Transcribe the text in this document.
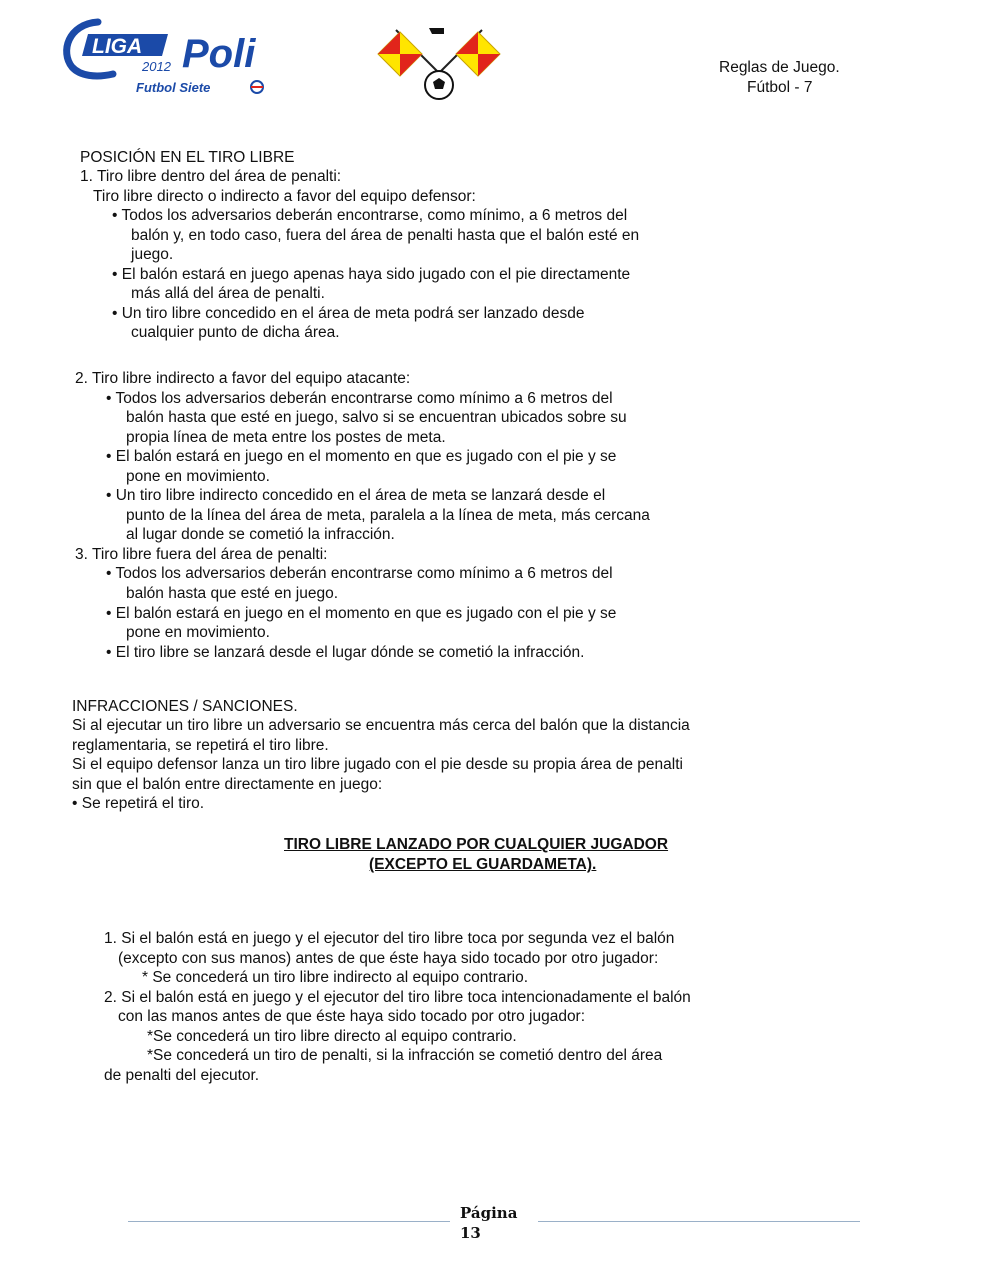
LIGA Poli
2012
Futbol Siete
Reglas de Juego.
Fútbol - 7
POSICIÓN EN EL TIRO LIBRE
1. Tiro libre dentro del área de penalti:
Tiro libre directo o indirecto a favor del equipo defensor:
• Todos los adversarios deberán encontrarse, como mínimo, a 6 metros del
balón y, en todo caso, fuera del área de penalti hasta que el balón esté en
juego.
• El balón estará en juego apenas haya sido jugado con el pie directamente
más allá del área de penalti.
• Un tiro libre concedido en el área de meta podrá ser lanzado desde
cualquier punto de dicha área.
2. Tiro libre indirecto a favor del equipo atacante:
• Todos los adversarios deberán encontrarse como mínimo a 6 metros del
balón hasta que esté en juego, salvo si se encuentran ubicados sobre su
propia línea de meta entre los postes de meta.
• El balón estará en juego en el momento en que es jugado con el pie y se
pone en movimiento.
• Un tiro libre indirecto concedido en el área de meta se lanzará desde el
punto de la línea del área de meta, paralela a la línea de meta, más cercana
al lugar donde se cometió la infracción.
3. Tiro libre fuera del área de penalti:
• Todos los adversarios deberán encontrarse como mínimo a 6 metros del
balón hasta que esté en juego.
• El balón estará en juego en el momento en que es jugado con el pie y se
pone en movimiento.
• El tiro libre se lanzará desde el lugar dónde se cometió la infracción.
INFRACCIONES / SANCIONES.
Si al ejecutar un tiro libre un adversario se encuentra más cerca del balón que la distancia
reglamentaria, se repetirá el tiro libre.
Si el equipo defensor lanza un tiro libre jugado con el pie desde su propia área de penalti
sin que el balón entre directamente en juego:
• Se repetirá el tiro.
TIRO LIBRE LANZADO POR CUALQUIER JUGADOR
(EXCEPTO EL GUARDAMETA).
1. Si el balón está en juego y el ejecutor del tiro libre toca por segunda vez el balón
(excepto con sus manos) antes de que éste haya sido tocado por otro jugador:
* Se concederá un tiro libre indirecto al equipo contrario.
2. Si el balón está en juego y el ejecutor del tiro libre toca intencionadamente el balón
con las manos antes de que éste haya sido tocado por otro jugador:
*Se concederá un tiro libre directo al equipo contrario.
*Se concederá un tiro de penalti, si la infracción se cometió dentro del área
de penalti del ejecutor.
Página
13
